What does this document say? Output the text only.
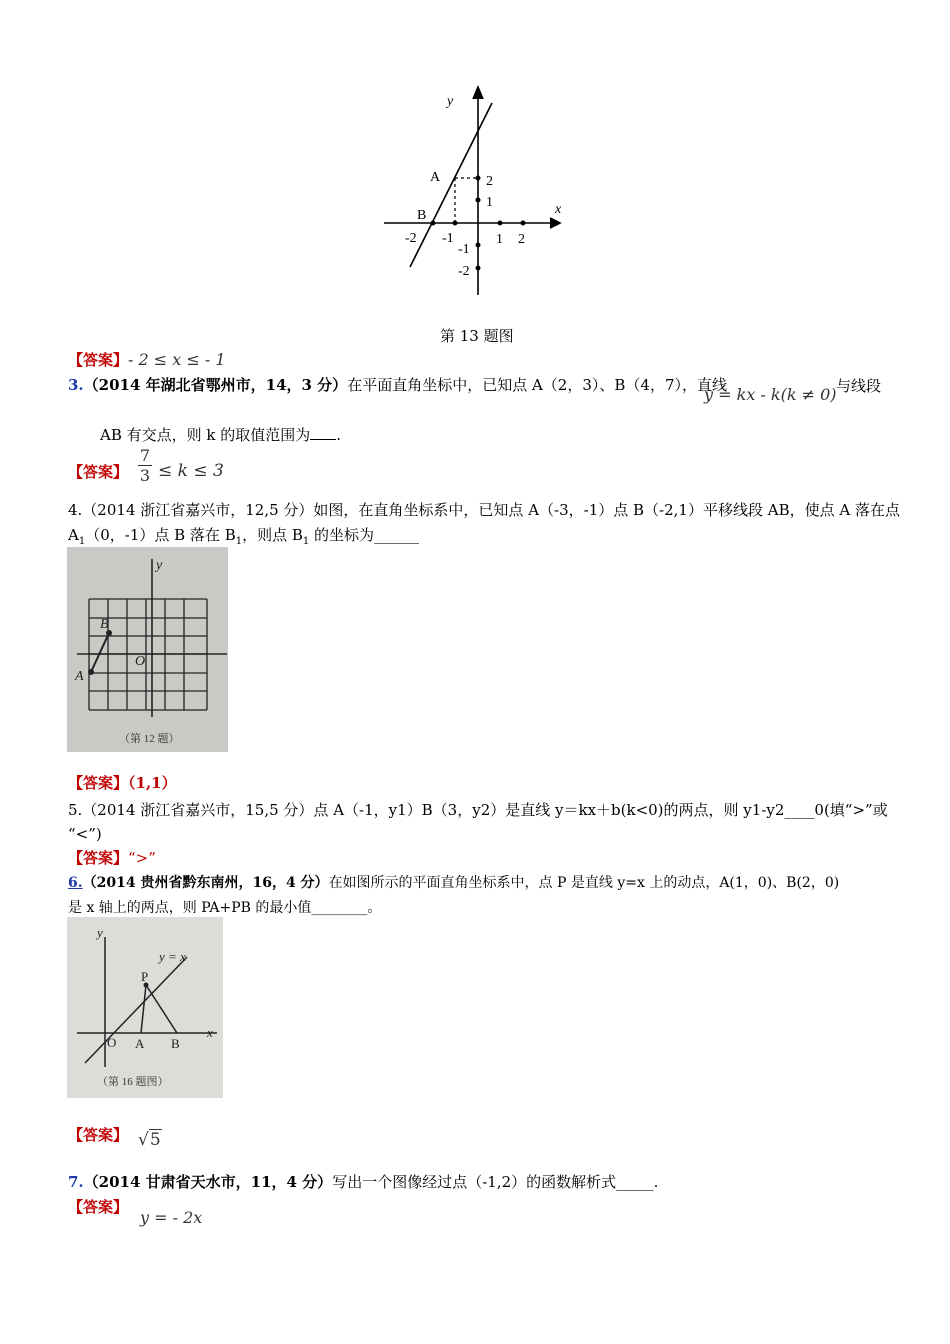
y
x
A
B
2
1
-1
-2
-2 -1	1 2
第 13 题图
【答案】- 2 ≤ x ≤ - 1
3.（2014 年湖北省鄂州市，14，3 分）在平面直角坐标中，已知点 A（2，3）、B（4，7），直线
y = kx - k(k ≠ 0) 与线段
AB 有交点，则 k 的取值范围为 .
【答案】
7
3 ≤ k ≤ 3
4.（2014 浙江省嘉兴市，12,5 分）如图，在直角坐标系中，已知点 A（-3，-1）点 B（-2,1）平移线段 AB，使点 A 落在点
$A_1(0$，-1）点 B 落在 $B_1$，则点 $B_1$ 的坐标为______
B
A
O
y
（第 12 题）
【答案】（1,1）
5.（2014 浙江省嘉兴市，15,5 分）点 A（-1，y1）B（3，y2）是直线 y＝kx＋b(k<0)的两点，则 y1-y2____0(填“>”或
“<”)
【答案】“>”
6.（2014 贵州省黔东南州，16，4 分）在如图所示的平面直角坐标系中，点 P 是直线 y=x 上的动点，A(1，0)、B(2，0)
是 x 轴上的两点，则 PA+PB 的最小值________。
y
y = x
P
O A B
x
（第 16 题图）
【答案】 √5
7.（2014 甘肃省天水市，11，4 分）写出一个图像经过点（-1,2）的函数解析式_____.
【答案】
y = - 2x
